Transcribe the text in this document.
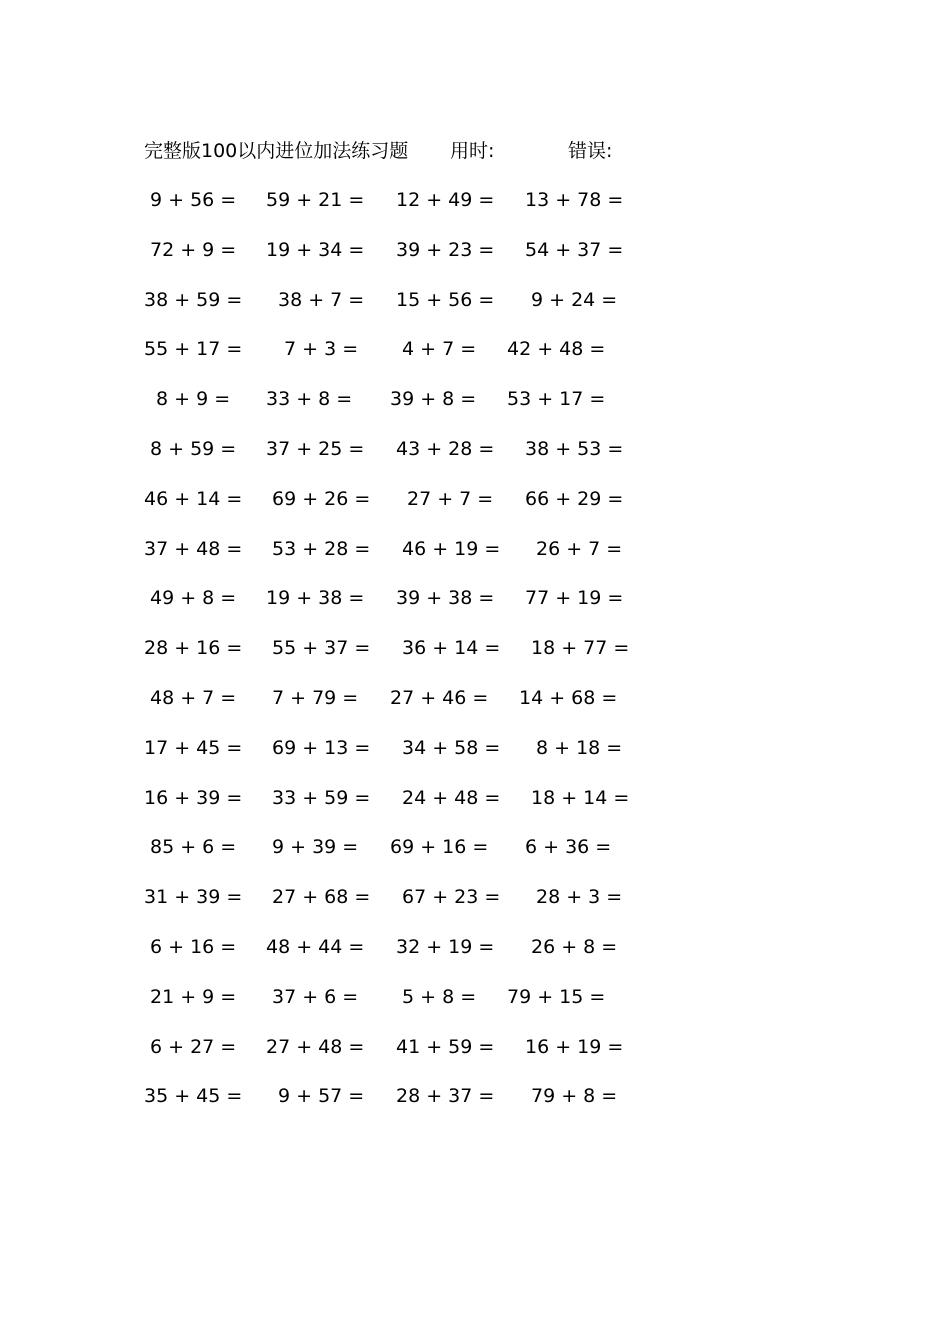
完整版100以内进位加法练习题 用时:	错误:
9 + 56 =	59 + 21 =	12 + 49 =	13 + 78 =
72 + 9 =	19 + 34 =	39 + 23 =	54 + 37 =
38 + 59 =	38 + 7 =	15 + 56 =	9 + 24 =
55 + 17 =	7 + 3 =	4 + 7 =	42 + 48 =
8 + 9 =	33 + 8 =	39 + 8 =	53 + 17 =
8 + 59 =	37 + 25 =	43 + 28 =	38 + 53 =
46 + 14 =	69 + 26 =	27 + 7 =	66 + 29 =
37 + 48 =	53 + 28 =	46 + 19 =	26 + 7 =
49 + 8 =	19 + 38 =	39 + 38 =	77 + 19 =
28 + 16 =	55 + 37 =	36 + 14 =	18 + 77 =
48 + 7 =	7 + 79 =	27 + 46 =	14 + 68 =
17 + 45 =	69 + 13 =	34 + 58 =	8 + 18 =
16 + 39 =	33 + 59 =	24 + 48 =	18 + 14 =
85 + 6 =	9 + 39 =	69 + 16 =	6 + 36 =
31 + 39 =	27 + 68 =	67 + 23 =	28 + 3 =
6 + 16 =	48 + 44 =	32 + 19 =	26 + 8 =
21 + 9 =	37 + 6 =	5 + 8 =	79 + 15 =
6 + 27 =	27 + 48 =	41 + 59 =	16 + 19 =
35 + 45 =	9 + 57 =	28 + 37 =	79 + 8 =
